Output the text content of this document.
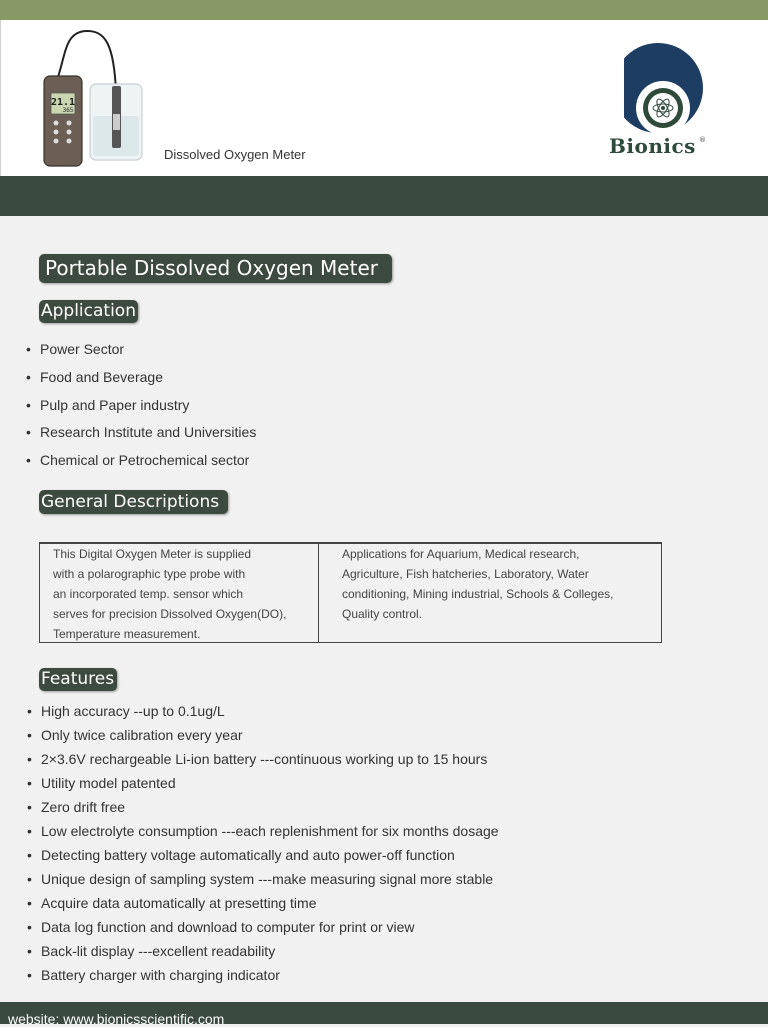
21.1
365
Dissolved Oxygen Meter	Bionics ®
Portable Dissolved Oxygen Meter
Application
• Power Sector
• Food and Beverage
• Pulp and Paper industry
• Research Institute and Universities
• Chemical or Petrochemical sector
General Descriptions
This Digital Oxygen Meter is supplied
with a polarographic type probe with
an incorporated temp. sensor which
serves for precision Dissolved Oxygen(DO),
Temperature measurement.
Applications for Aquarium, Medical research,
Agriculture, Fish hatcheries, Laboratory, Water
conditioning, Mining industrial, Schools & Colleges,
Quality control.
Features
• High accuracy --up to 0.1ug/L
• Only twice calibration every year
• 2×3.6V rechargeable Li-ion battery ---continuous working up to 15 hours
• Utility model patented
• Zero drift free
• Low electrolyte consumption ---each replenishment for six months dosage
• Detecting battery voltage automatically and auto power-off function
• Unique design of sampling system ---make measuring signal more stable
• Acquire data automatically at presetting time
• Data log function and download to computer for print or view
• Back-lit display ---excellent readability
• Battery charger with charging indicator
website: www.bionicsscientific.com
